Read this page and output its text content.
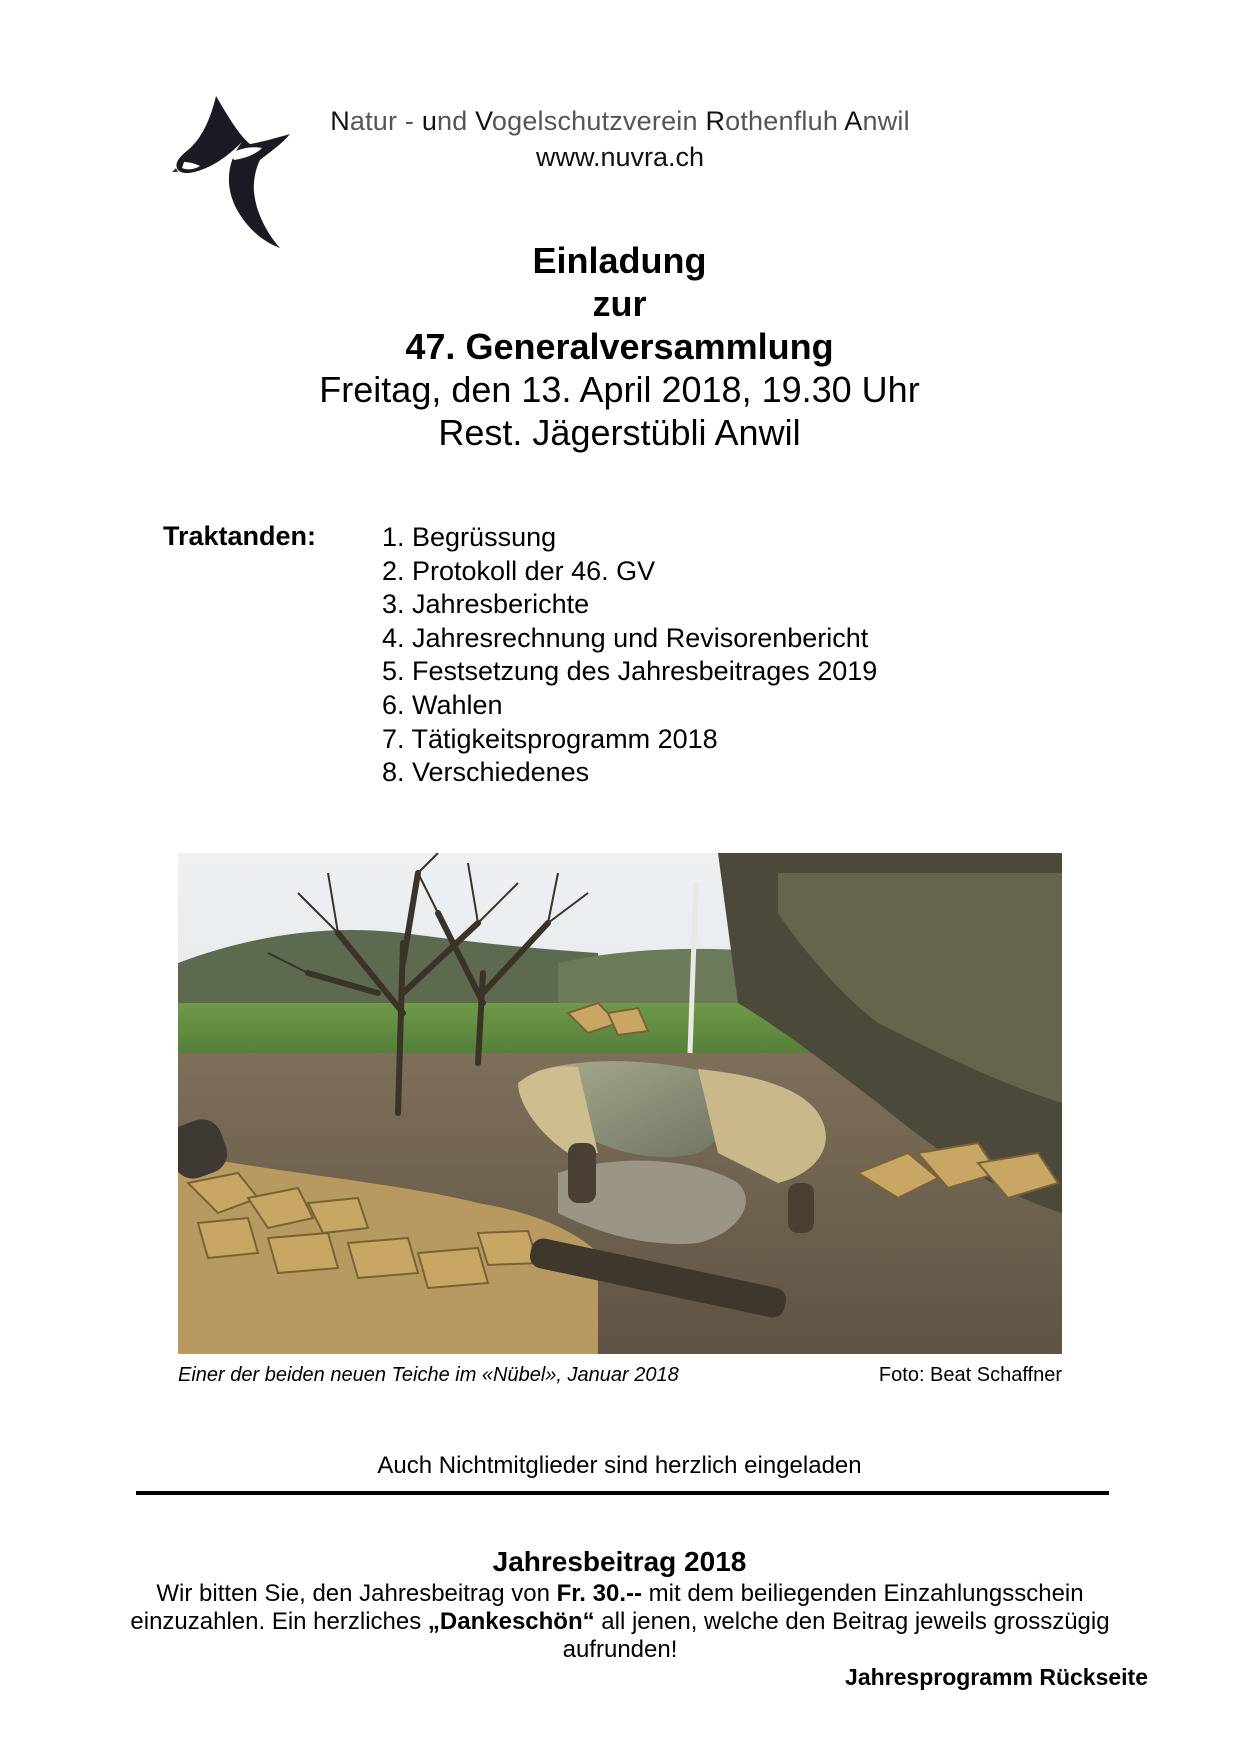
Natur - und Vogelschutzverein Rothenfluh Anwil
www.nuvra.ch
Einladung
zur
47. Generalversammlung
Freitag, den 13. April 2018, 19.30 Uhr
Rest. Jägerstübli Anwil
Traktanden: 1. Begrüssung
2. Protokoll der 46. GV
3. Jahresberichte
4. Jahresrechnung und Revisorenbericht
5. Festsetzung des Jahresbeitrages 2019
6. Wahlen
7. Tätigkeitsprogramm 2018
8. Verschiedenes
Einer der beiden neuen Teiche im «Nübel», Januar 2018	Foto: Beat Schaffner
Auch Nichtmitglieder sind herzlich eingeladen
Jahresbeitrag 2018
Wir bitten Sie, den Jahresbeitrag von Fr. 30.-- mit dem beiliegenden Einzahlungsschein einzuzahlen. Ein herzliches „Dankeschön“ all jenen, welche den Beitrag jeweils grosszügig aufrunden!
Jahresprogramm Rückseite
